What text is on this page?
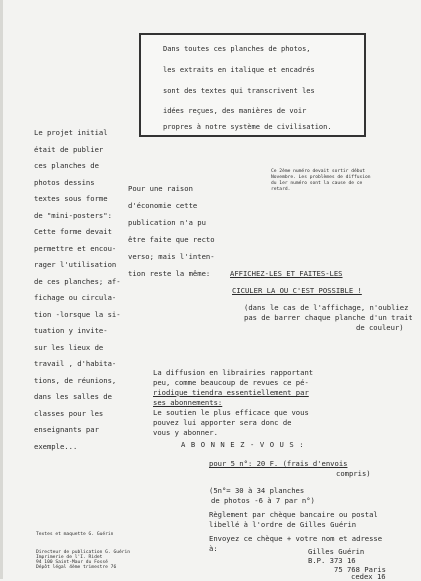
Dans toutes ces planches de photos,
les extraits en italique et encadrés
sont des textes qui transcrivent les
idées reçues, des manières de voir
propres à notre système de civilisation.
Le projet initial
était de publier
ces planches de
photos dessins
textes sous forme
de "mini-posters":
Cette forme devait
permettre et encou-
rager l'utilisation
de ces planches; af-
fichage ou circula-
tion -lorsque la si-
tuation y invite-
sur les lieux de
travail , d'habita-
tions, de réunions,
dans les salles de
classes pour les
enseignants par
exemple...
Pour une raison
d'économie cette
publication n'a pu
être faite que recto
verso; mais l'inten-
tion reste la même:	AFFICHEZ-LES ET FAITES-LES
CICULER LA OU C'EST POSSIBLE !
(dans le cas de l'affichage, n'oubliez
pas de barrer chaque planche d'un trait
de couleur)
Ce 2ème numéro devait sortir début
Novembre. Les problèmes de diffusion
du 1er numéro sont la cause de ce
retard.
La diffusion en librairies rapportant
peu, comme beaucoup de revues ce pé-
riodique tiendra essentiellement par
ses abonnements:
Le soutien le plus efficace que vous
pouvez lui apporter sera donc de
vous y abonner.
A B O N N E Z - V O U S :
pour 5 n°: 20 F. (frais d'envois
compris)
(5n°= 30 à 34 planches
de photos -6 à 7 par n°)
Règlement par chèque bancaire ou postal
libellé à l'ordre de Gilles Guérin
Envoyez ce chèque + votre nom et adresse
à:	Gilles Guérin
B.P. 373 16
75 768 Paris
cedex 16
Textes et maquette G. Guérin
Directeur de publication G. Guérin
Imprimerie de l'I. Ridet
94 100 Saint-Maur du Fossé
Dépôt légal 4ème trimestre 76
